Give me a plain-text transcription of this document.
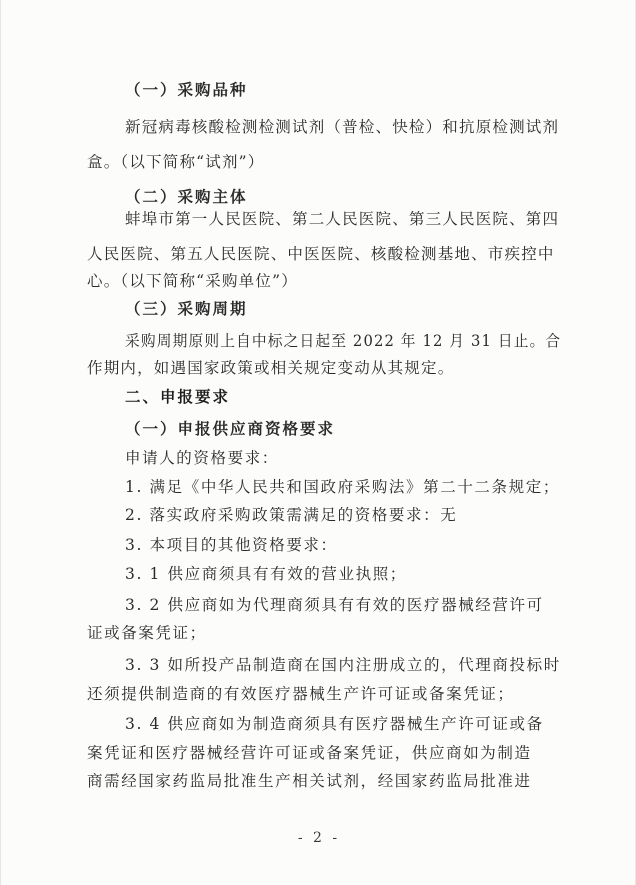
（一）采购品种
新冠病毒核酸检测检测试剂（普检、快检）和抗原检测试剂
盒。（以下简称“试剂”）
（二）采购主体
蚌埠市第一人民医院、第二人民医院、第三人民医院、第四
人民医院、第五人民医院、中医医院、核酸检测基地、市疾控中
心。（以下简称“采购单位”）
（三）采购周期
采购周期原则上自中标之日起至 2022 年 12 月 31 日止。合
作期内，如遇国家政策或相关规定变动从其规定。
二、申报要求
（一）申报供应商资格要求
申请人的资格要求：
1. 满足《中华人民共和国政府采购法》第二十二条规定；
2. 落实政府采购政策需满足的资格要求：无
3. 本项目的其他资格要求：
3. 1 供应商须具有有效的营业执照；
3. 2 供应商如为代理商须具有有效的医疗器械经营许可
证或备案凭证；
3. 3 如所投产品制造商在国内注册成立的，代理商投标时
还须提供制造商的有效医疗器械生产许可证或备案凭证；
3. 4 供应商如为制造商须具有医疗器械生产许可证或备
案凭证和医疗器械经营许可证或备案凭证，供应商如为制造
商需经国家药监局批准生产相关试剂，经国家药监局批准进
- 2 -
